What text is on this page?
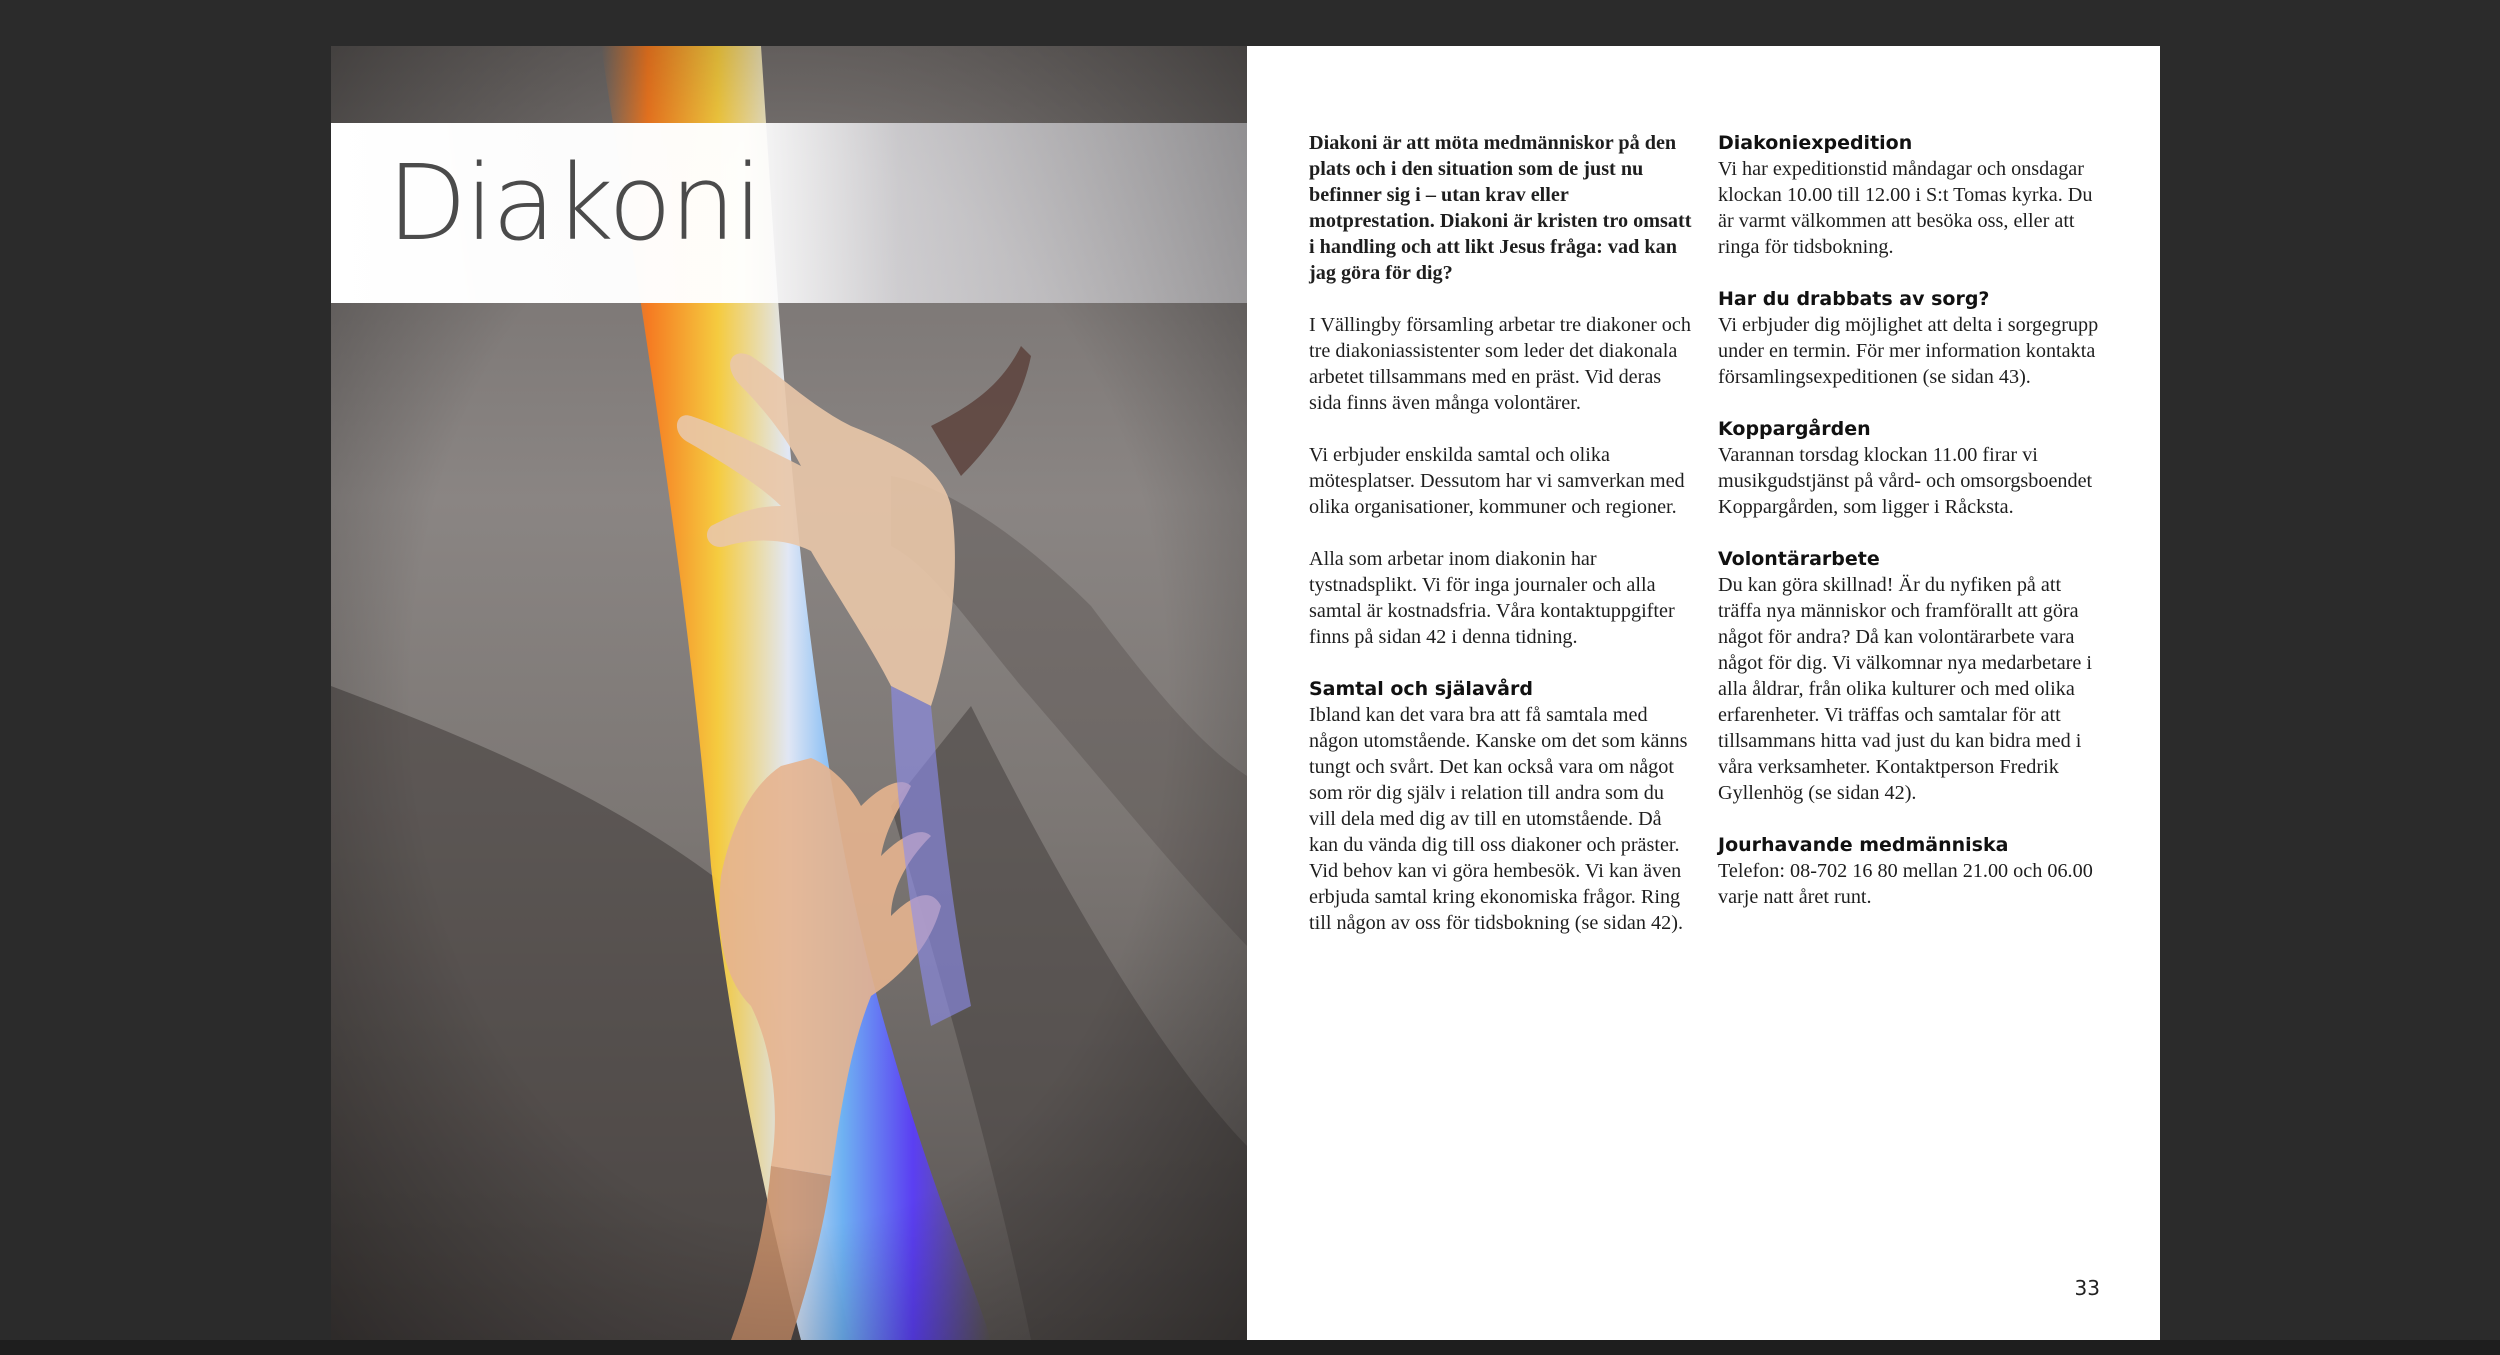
Diakoni	Diakoni är att möta medmänniskor på den plats och i den situation som de just nu befinner sig i – utan krav eller motprestation. Diakoni är kristen tro omsatt i handling och att likt Jesus fråga: vad kan jag göra för dig?

I Vällingby församling arbetar tre diakoner och tre diakoniassistenter som leder det diakonala arbetet tillsammans med en präst. Vid deras sida finns även många volontärer.

Vi erbjuder enskilda samtal och olika mötesplatser. Dessutom har vi samverkan med olika organisationer, kommuner och regioner.

Alla som arbetar inom diakonin har tystnadsplikt. Vi för inga journaler och alla samtal är kostnadsfria. Våra kontaktuppgifter finns på sidan 42 i denna tidning.

Samtal och själavård

Ibland kan det vara bra att få samtala med någon utomstående. Kanske om det som känns tungt och svårt. Det kan också vara om något som rör dig själv i relation till andra som du vill dela med dig av till en utomstående. Då kan du vända dig till oss diakoner och präster. Vid behov kan vi göra hembesök. Vi kan även erbjuda samtal kring ekonomiska frågor. Ring till någon av oss för tidsbokning (se sidan 42).

Diakoniexpedition

Vi har expeditionstid måndagar och onsdagar klockan 10.00 till 12.00 i S:t Tomas kyrka. Du är varmt välkommen att besöka oss, eller att ringa för tidsbokning.

Har du drabbats av sorg?

Vi erbjuder dig möjlighet att delta i sorgegrupp under en termin. För mer information kontakta församlingsexpeditionen (se sidan 43).

Koppargården

Varannan torsdag klockan 11.00 firar vi musikgudstjänst på vård- och omsorgsboendet Koppargården, som ligger i Råcksta.

Volontärarbete

Du kan göra skillnad! Är du nyfiken på att träffa nya människor och framförallt att göra något för andra? Då kan volontärarbete vara något för dig. Vi välkomnar nya medarbetare i alla åldrar, från olika kulturer och med olika erfarenheter. Vi träffas och samtalar för att tillsammans hitta vad just du kan bidra med i våra verksamheter. Kontaktperson Fredrik Gyllenhög (se sidan 42).

Jourhavande medmänniska

Telefon: 08-702 16 80 mellan 21.00 och 06.00 varje natt året runt.

33
